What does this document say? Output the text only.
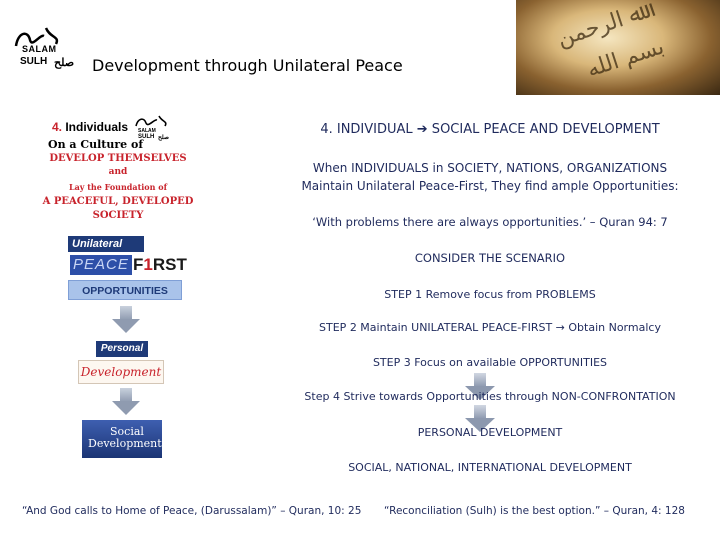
SALAM
SULH صلح Development through Unilateral Peace
ﷲ ﺍﻟﺮﺣﻤﻦ
ﺑﺴﻢ ﺍﻟﻠﻪ
4. Individuals SALAM
SULH صلح
On a Culture of
DEVELOP THEMSELVES
and
Lay the Foundation of
A PEACEFUL, DEVELOPED
SOCIETY
Unilateral
PEACE F1RST
OPPORTUNITIES
Personal
Development
Social
Development
4. INDIVIDUAL ➔ SOCIAL PEACE AND DEVELOPMENT
When INDIVIDUALS in SOCIETY, NATIONS, ORGANIZATIONS
Maintain Unilateral Peace-First, They find ample Opportunities:
‘With problems there are always opportunities.’ – Quran 94: 7
CONSIDER THE SCENARIO
STEP 1 Remove focus from PROBLEMS
STEP 2 Maintain UNILATERAL PEACE-FIRST → Obtain Normalcy
STEP 3 Focus on available OPPORTUNITIES
Step 4 Strive towards Opportunities through NON-CONFRONTATION
PERSONAL DEVELOPMENT
SOCIAL, NATIONAL, INTERNATIONAL DEVELOPMENT
“And God calls to Home of Peace, (Darussalam)” – Quran, 10: 25 “Reconciliation (Sulh) is the best option.” – Quran, 4: 128
